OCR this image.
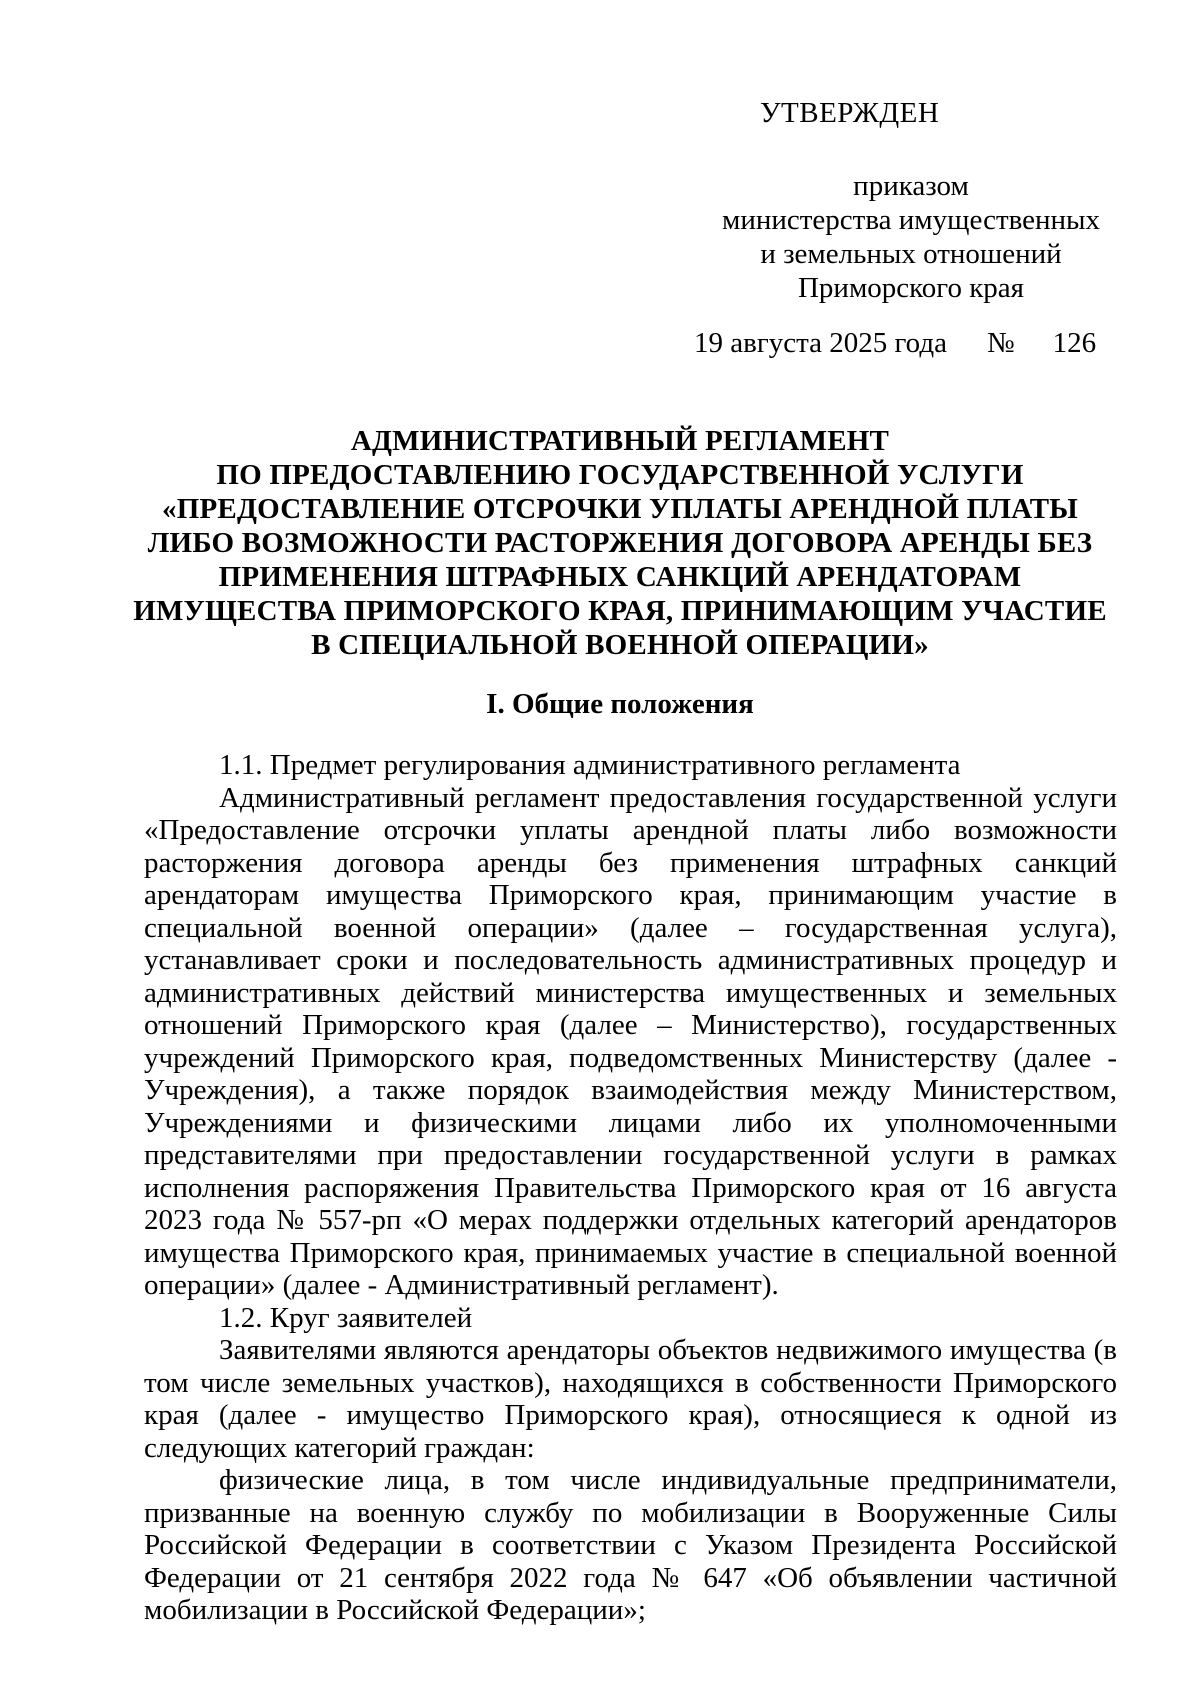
УТВЕРЖДЕН
приказом
министерства имущественных
и земельных отношений
Приморского края
19 августа 2025 года № 126
АДМИНИСТРАТИВНЫЙ РЕГЛАМЕНТ
ПО ПРЕДОСТАВЛЕНИЮ ГОСУДАРСТВЕННОЙ УСЛУГИ
«ПРЕДОСТАВЛЕНИЕ ОТСРОЧКИ УПЛАТЫ АРЕНДНОЙ ПЛАТЫ
ЛИБО ВОЗМОЖНОСТИ РАСТОРЖЕНИЯ ДОГОВОРА АРЕНДЫ БЕЗ
ПРИМЕНЕНИЯ ШТРАФНЫХ САНКЦИЙ АРЕНДАТОРАМ
ИМУЩЕСТВА ПРИМОРСКОГО КРАЯ, ПРИНИМАЮЩИМ УЧАСТИЕ
В СПЕЦИАЛЬНОЙ ВОЕННОЙ ОПЕРАЦИИ»
I. Общие положения

1.1. Предмет регулирования административного регламента

Административный регламент предоставления государственной услуги «Предоставление отсрочки уплаты арендной платы либо возможности расторжения договора аренды без применения штрафных санкций арендаторам имущества Приморского края, принимающим участие в специальной военной операции» (далее – государственная услуга), устанавливает сроки и последовательность административных процедур и административных действий министерства имущественных и земельных отношений Приморского края (далее – Министерство), государственных учреждений Приморского края, подведомственных Министерству (далее - Учреждения), а также порядок взаимодействия между Министерством, Учреждениями и физическими лицами либо их уполномоченными представителями при предоставлении государственной услуги в рамках исполнения распоряжения Правительства Приморского края от 16 августа 2023 года № 557-рп «О мерах поддержки отдельных категорий арендаторов имущества Приморского края, принимаемых участие в специальной военной операции» (далее - Административный регламент).

1.2. Круг заявителей

Заявителями являются арендаторы объектов недвижимого имущества (в том числе земельных участков), находящихся в собственности Приморского края (далее - имущество Приморского края), относящиеся к одной из следующих категорий граждан:

физические лица, в том числе индивидуальные предприниматели, призванные на военную службу по мобилизации в Вооруженные Силы Российской Федерации в соответствии с Указом Президента Российской Федерации от 21 сентября 2022 года № 647 «Об объявлении частичной мобилизации в Российской Федерации»;
